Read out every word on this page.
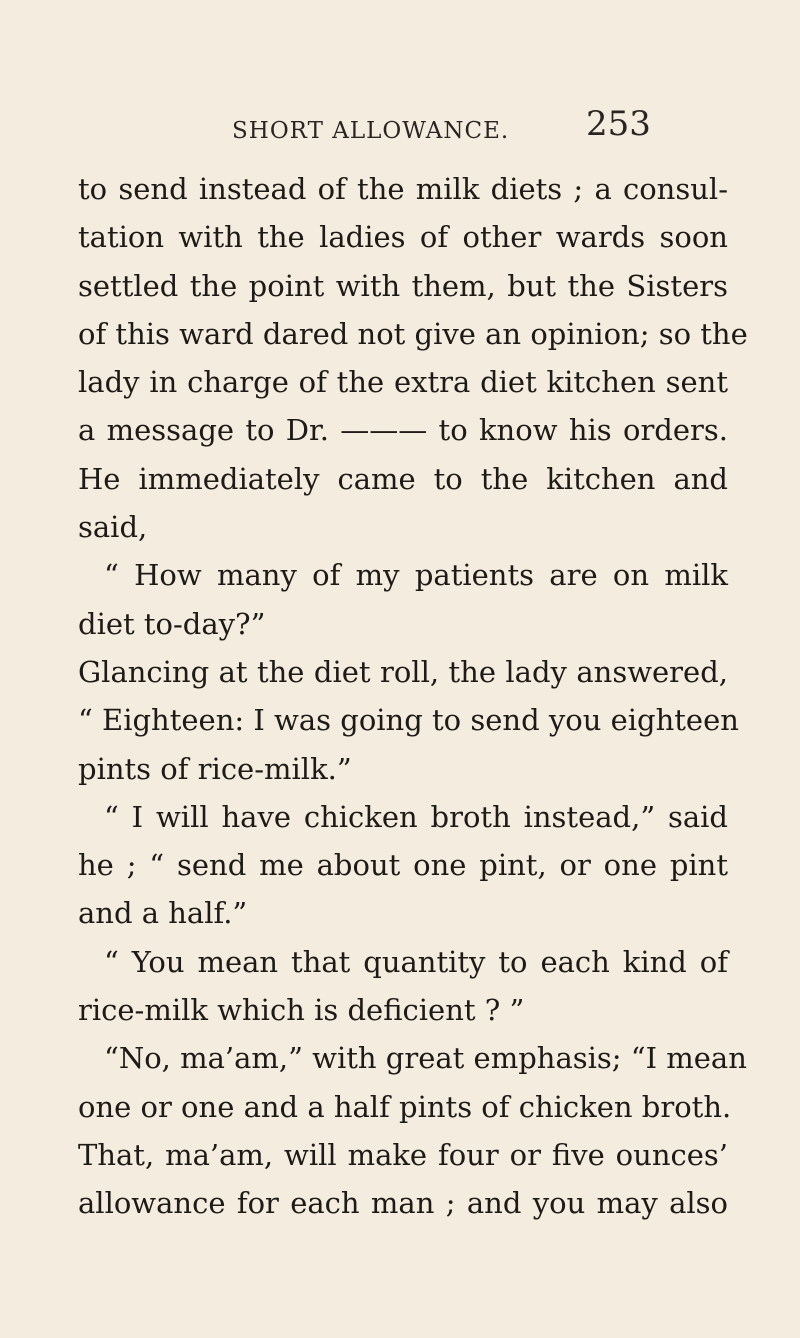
SHORT ALLOWANCE. 253
to send instead of the milk diets ; a consul-
tation with the ladies of other wards soon
settled the point with them, but the Sisters
of this ward dared not give an opinion; so the
lady in charge of the extra diet kitchen sent
a message to Dr. ——— to know his orders.
He immediately came to the kitchen and
said,
“ How many of my patients are on milk
diet to-day?”
Glancing at the diet roll, the lady answered,
“ Eighteen: I was going to send you eighteen
pints of rice-milk.”
“ I will have chicken broth instead,” said
he ; “ send me about one pint, or one pint
and a half.”
“ You mean that quantity to each kind of
rice-milk which is deficient ? ”
“No, ma’am,” with great emphasis; “I mean
one or one and a half pints of chicken broth.
That, ma’am, will make four or five ounces’
allowance for each man ; and you may also
